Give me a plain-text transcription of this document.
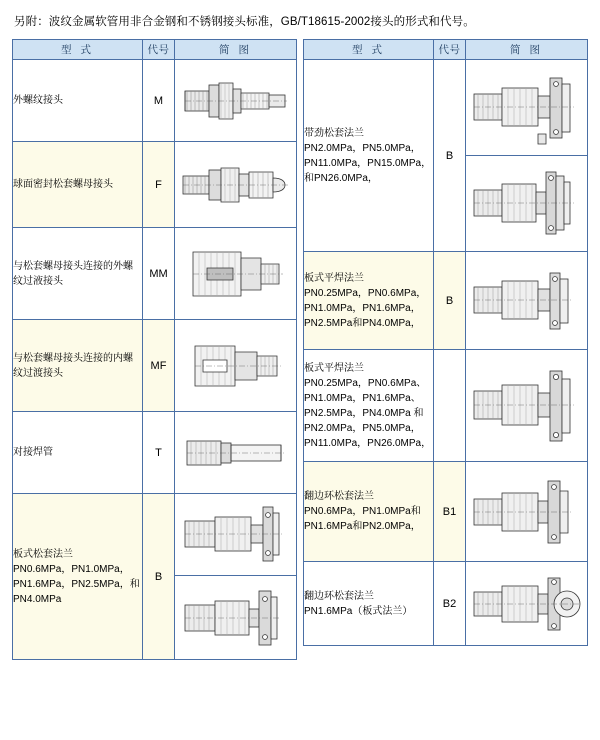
另附：波纹金属软管用非合金钢和不锈钢接头标准，GB/T18615-2002接头的形式和代号。
型 式	代号	简 图

外螺纹接头	M	

球面密封松套螺母接头	F	

与松套螺母接头连接的外螺纹过液接头	MM	

与松套螺母接头连接的内螺纹过渡接头	MF	

对接焊管	T	

板式松套法兰
PN0.6MPa，PN1.0MPa，PN1.6MPa，PN2.5MPa，和PN4.0MPa	B	

型 式	代号	简 图

带劲松套法兰
PN2.0MPa，PN5.0MPa，PN11.0MPa，PN15.0MPa，和PN26.0MPa，	B	

板式平焊法兰
PN0.25MPa，PN0.6MPa，PN1.0MPa，PN1.6MPa，PN2.5MPa和PN4.0MPa，	B	

板式平焊法兰
PN0.25MPa，PN0.6MPa、PN1.0MPa，PN1.6MPa、PN2.5MPa，PN4.0MPa 和PN2.0MPa，PN5.0MPa，PN11.0MPa，PN26.0MPa，

翻边环松套法兰
PN0.6MPa，PN1.0MPa和PN1.6MPa和PN2.0MPa，	B1	

翻边环松套法兰
PN1.6MPa（板式法兰）	B2	
